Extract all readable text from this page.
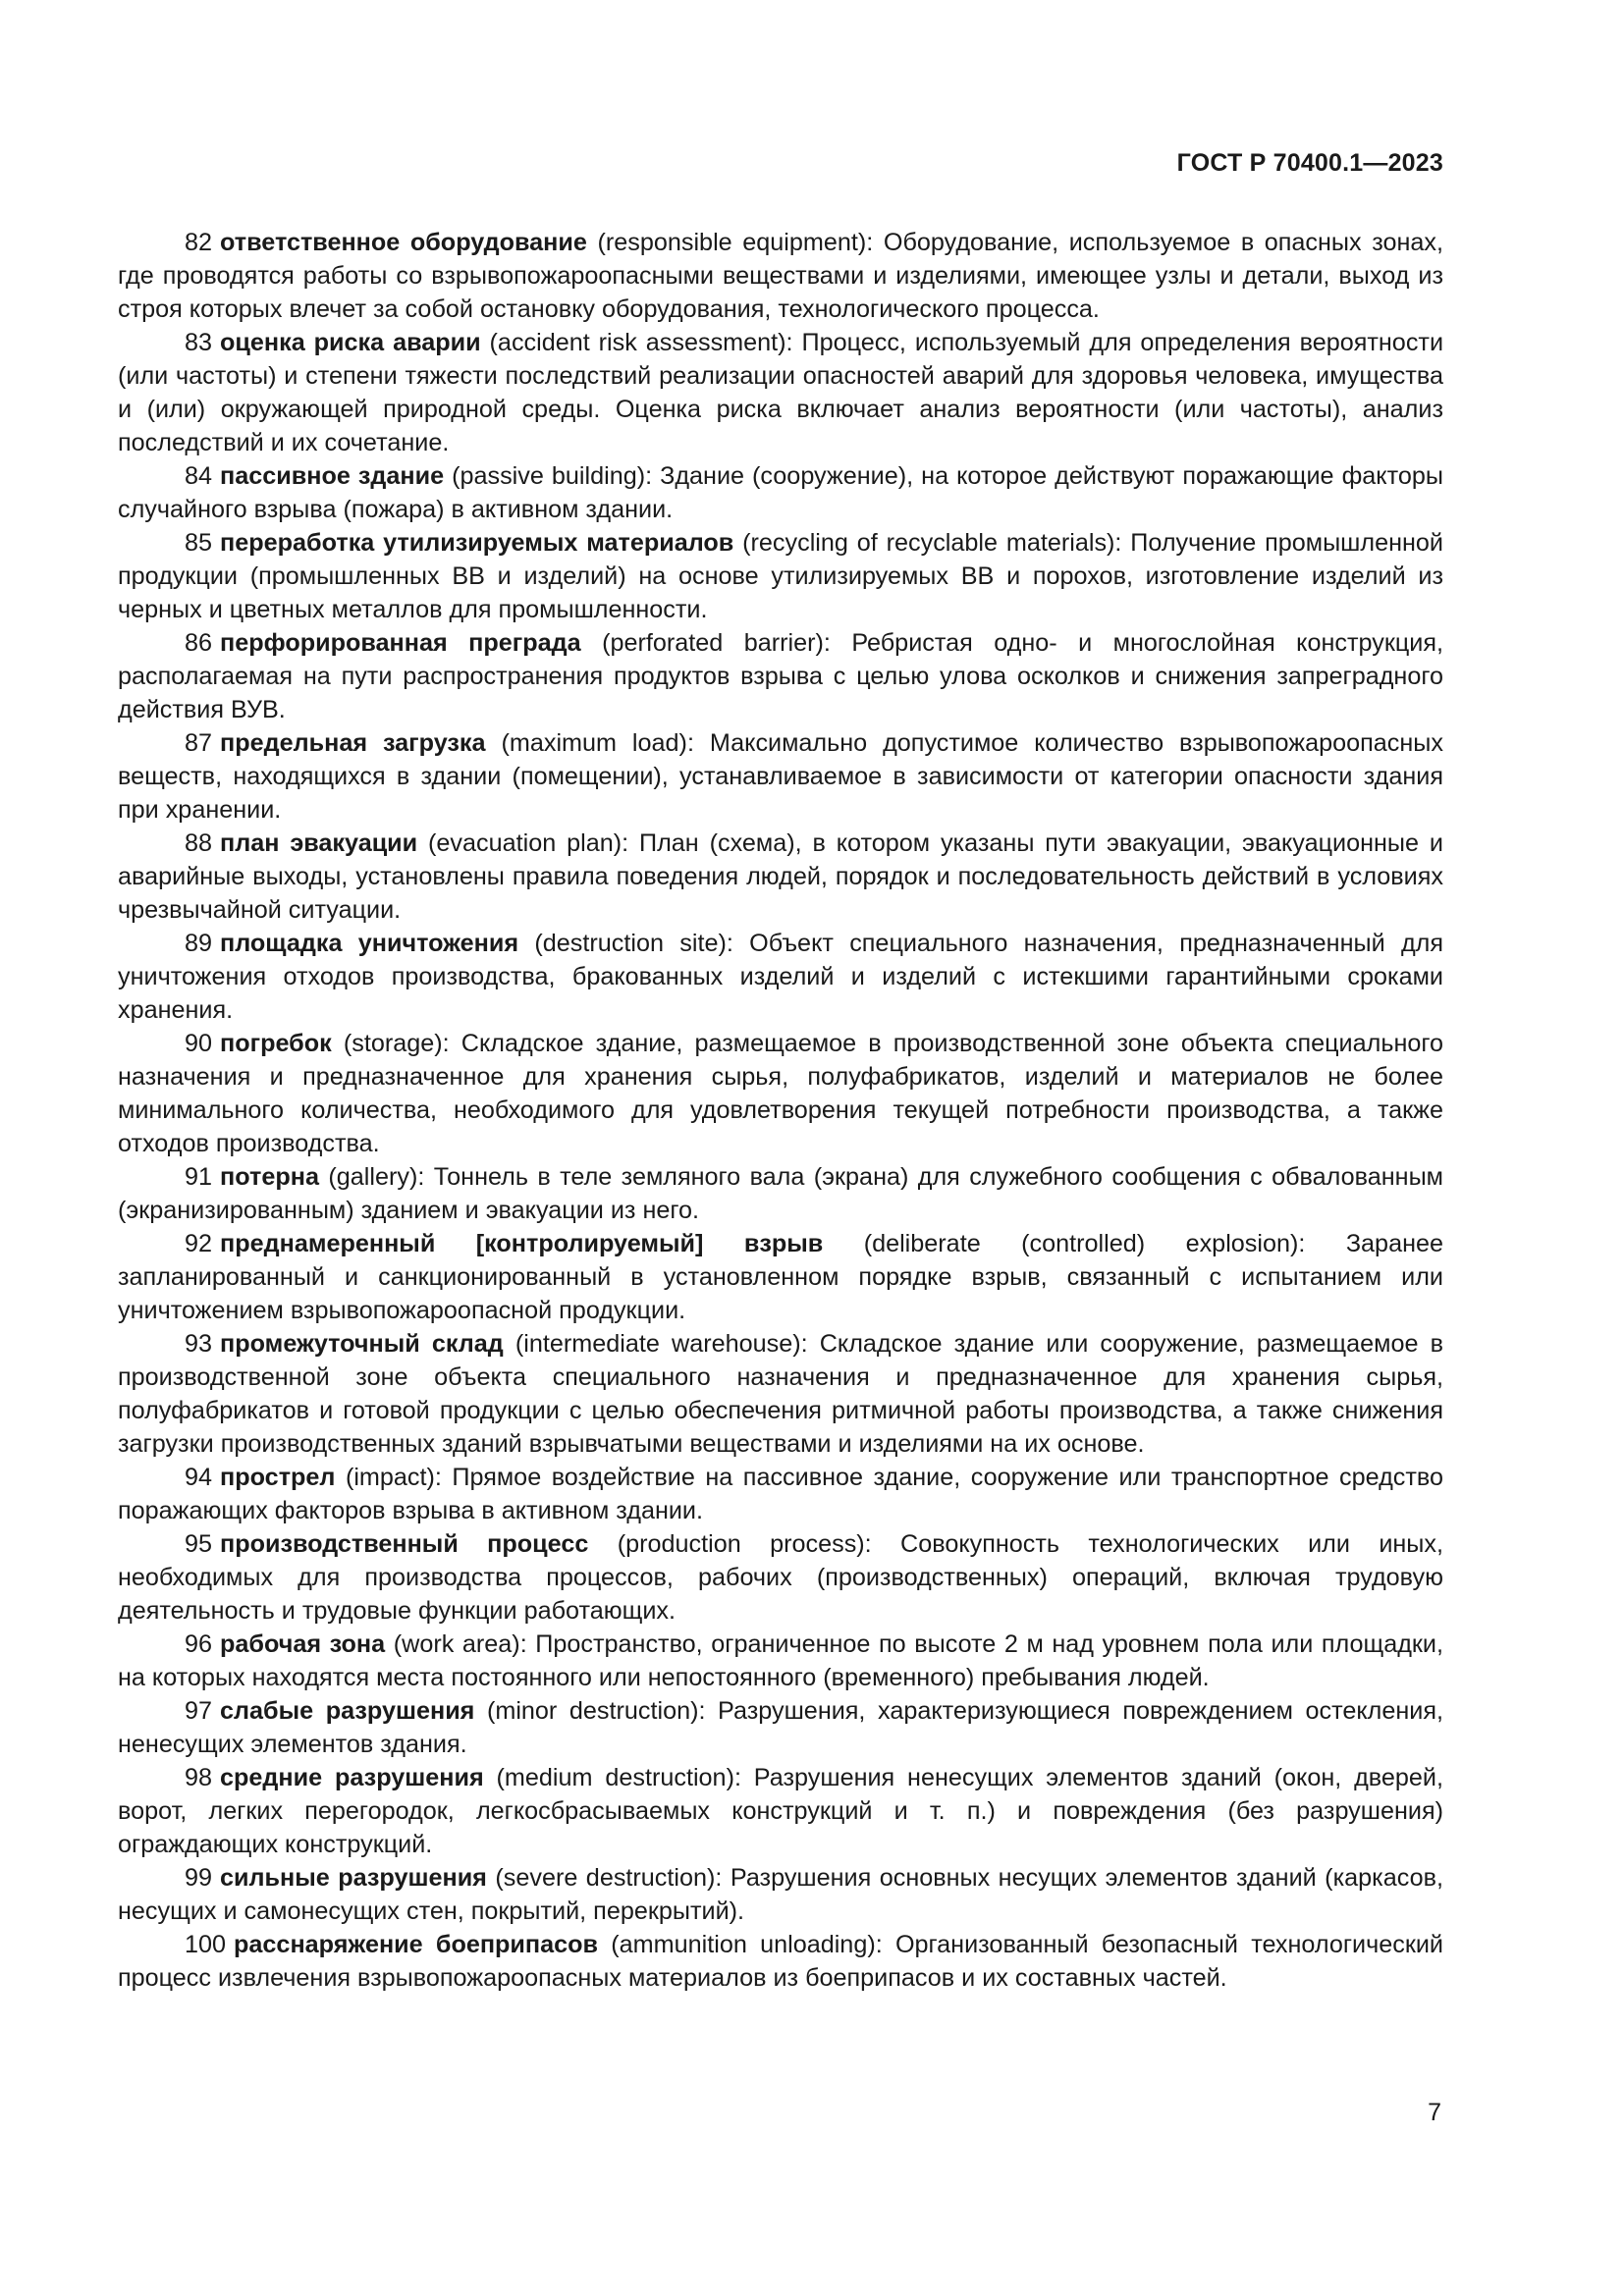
ГОСТ Р 70400.1—2023

82 ответственное оборудование (responsible equipment): Оборудование, используемое в опасных зонах, где проводятся работы со взрывопожароопасными веществами и изделиями, имеющее узлы и детали, выход из строя которых влечет за собой остановку оборудования, технологического процесса.

83 оценка риска аварии (accident risk assessment): Процесс, используемый для определения вероятности (или частоты) и степени тяжести последствий реализации опасностей аварий для здоровья человека, имущества и (или) окружающей природной среды. Оценка риска включает анализ вероятности (или частоты), анализ последствий и их сочетание.

84 пассивное здание (passive building): Здание (сооружение), на которое действуют поражающие факторы случайного взрыва (пожара) в активном здании.

85 переработка утилизируемых материалов (recycling of recyclable materials): Получение промышленной продукции (промышленных ВВ и изделий) на основе утилизируемых ВВ и порохов, изготовление изделий из черных и цветных металлов для промышленности.

86 перфорированная преграда (perforated barrier): Ребристая одно- и многослойная конструкция, располагаемая на пути распространения продуктов взрыва с целью улова осколков и снижения запреградного действия ВУВ.

87 предельная загрузка (maximum load): Максимально допустимое количество взрывопожароопасных веществ, находящихся в здании (помещении), устанавливаемое в зависимости от категории опасности здания при хранении.

88 план эвакуации (evacuation plan): План (схема), в котором указаны пути эвакуации, эвакуационные и аварийные выходы, установлены правила поведения людей, порядок и последовательность действий в условиях чрезвычайной ситуации.

89 площадка уничтожения (destruction site): Объект специального назначения, предназначенный для уничтожения отходов производства, бракованных изделий и изделий с истекшими гарантийными сроками хранения.

90 погребок (storage): Складское здание, размещаемое в производственной зоне объекта специального назначения и предназначенное для хранения сырья, полуфабрикатов, изделий и материалов не более минимального количества, необходимого для удовлетворения текущей потребности производства, а также отходов производства.

91 потерна (gallery): Тоннель в теле земляного вала (экрана) для служебного сообщения с обвалованным (экранизированным) зданием и эвакуации из него.

92 преднамеренный [контролируемый] взрыв (deliberate (controlled) explosion): Заранее запланированный и санкционированный в установленном порядке взрыв, связанный с испытанием или уничтожением взрывопожароопасной продукции.

93 промежуточный склад (intermediate warehouse): Складское здание или сооружение, размещаемое в производственной зоне объекта специального назначения и предназначенное для хранения сырья, полуфабрикатов и готовой продукции с целью обеспечения ритмичной работы производства, а также снижения загрузки производственных зданий взрывчатыми веществами и изделиями на их основе.

94 прострел (impact): Прямое воздействие на пассивное здание, сооружение или транспортное средство поражающих факторов взрыва в активном здании.

95 производственный процесс (production process): Совокупность технологических или иных, необходимых для производства процессов, рабочих (производственных) операций, включая трудовую деятельность и трудовые функции работающих.

96 рабочая зона (work area): Пространство, ограниченное по высоте 2 м над уровнем пола или площадки, на которых находятся места постоянного или непостоянного (временного) пребывания людей.

97 слабые разрушения (minor destruction): Разрушения, характеризующиеся повреждением остекления, ненесущих элементов здания.

98 средние разрушения (medium destruction): Разрушения ненесущих элементов зданий (окон, дверей, ворот, легких перегородок, легкосбрасываемых конструкций и т. п.) и повреждения (без разрушения) ограждающих конструкций.

99 сильные разрушения (severe destruction): Разрушения основных несущих элементов зданий (каркасов, несущих и самонесущих стен, покрытий, перекрытий).

100 расснаряжение боеприпасов (ammunition unloading): Организованный безопасный технологический процесс извлечения взрывопожароопасных материалов из боеприпасов и их составных частей.

7
